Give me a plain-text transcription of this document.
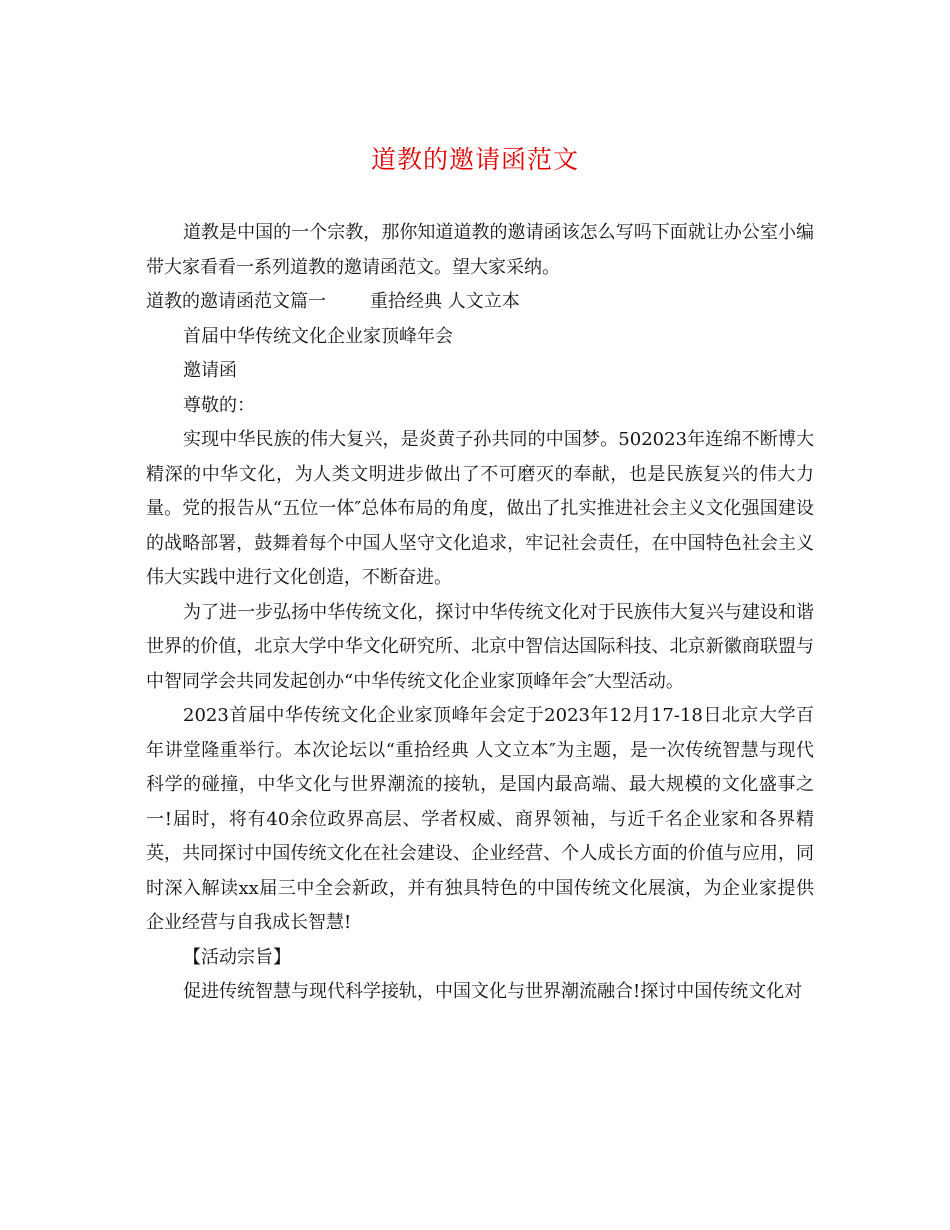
道教的邀请函范文

道教是中国的一个宗教，那你知道道教的邀请函该怎么写吗下面就让办公室小编带大家看看一系列道教的邀请函范文。望大家采纳。

道教的邀请函范文篇一 重拾经典 人文立本

首届中华传统文化企业家顶峰年会

邀请函

尊敬的：

实现中华民族的伟大复兴，是炎黄子孙共同的中国梦。502023年连绵不断博大精深的中华文化，为人类文明进步做出了不可磨灭的奉献，也是民族复兴的伟大力量。党的报告从“五位一体″总体布局的角度，做出了扎实推进社会主义文化强国建设的战略部署，鼓舞着每个中国人坚守文化追求，牢记社会责任，在中国特色社会主义伟大实践中进行文化创造，不断奋进。

为了进一步弘扬中华传统文化，探讨中华传统文化对于民族伟大复兴与建设和谐世界的价值，北京大学中华文化研究所、北京中智信达国际科技、北京新徽商联盟与中智同学会共同发起创办“中华传统文化企业家顶峰年会″大型活动。

2023首届中华传统文化企业家顶峰年会定于2023年12月17-18日北京大学百年讲堂隆重举行。本次论坛以“重拾经典 人文立本″为主题，是一次传统智慧与现代科学的碰撞，中华文化与世界潮流的接轨，是国内最高端、最大规模的文化盛事之一!届时，将有40余位政界高层、学者权威、商界领袖，与近千名企业家和各界精英，共同探讨中国传统文化在社会建设、企业经营、个人成长方面的价值与应用，同时深入解读xx届三中全会新政，并有独具特色的中国传统文化展演，为企业家提供企业经营与自我成长智慧!

【活动宗旨】

促进传统智慧与现代科学接轨，中国文化与世界潮流融合!探讨中国传统文化对
